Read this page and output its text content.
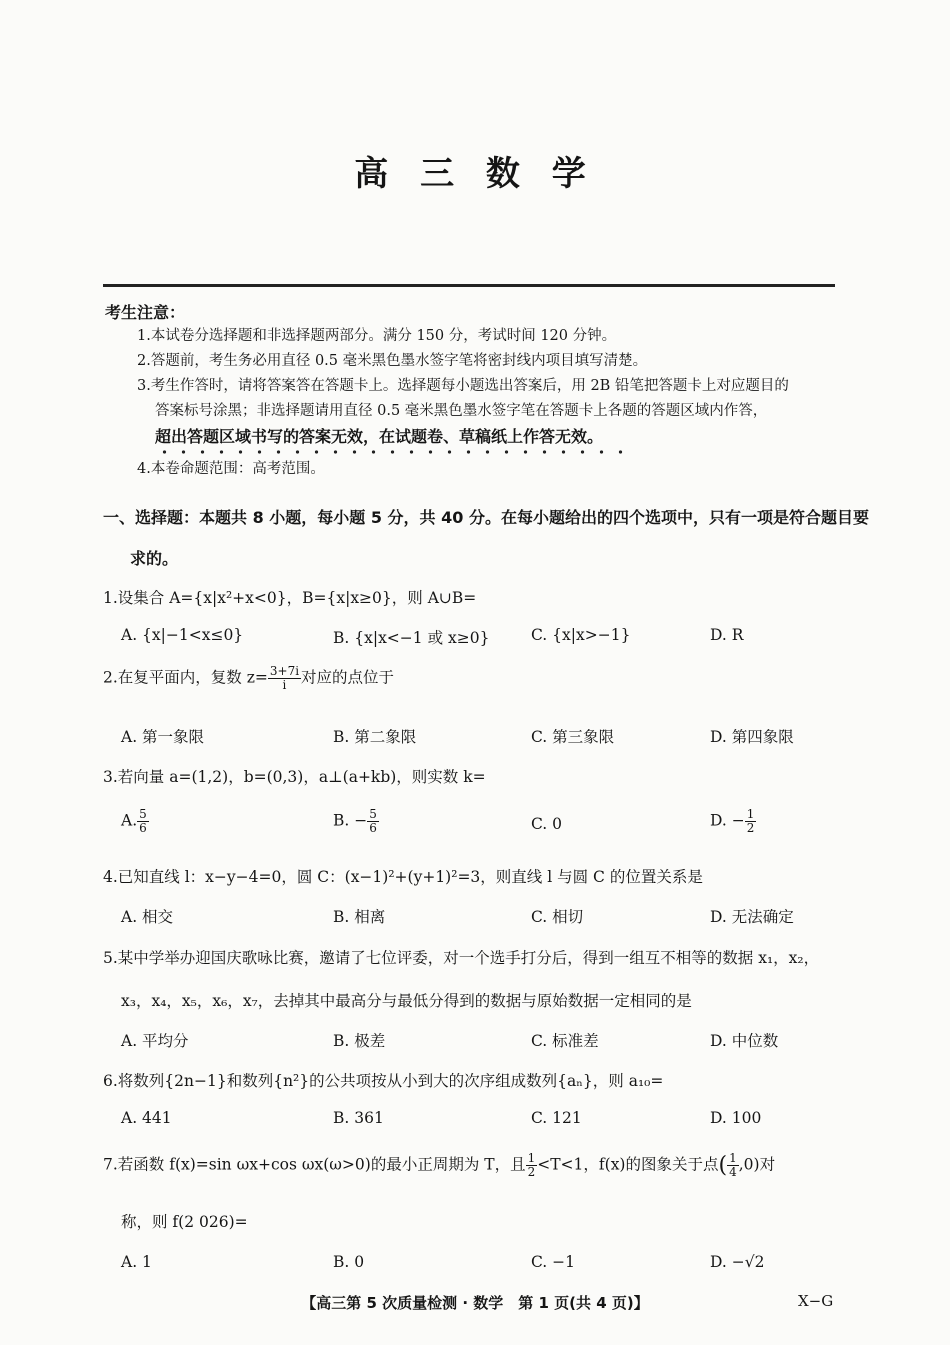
高 三 数 学
考生注意：
1.本试卷分选择题和非选择题两部分。满分 150 分，考试时间 120 分钟。
2.答题前，考生务必用直径 0.5 毫米黑色墨水签字笔将密封线内项目填写清楚。
3.考生作答时，请将答案答在答题卡上。选择题每小题选出答案后，用 2B 铅笔把答题卡上对应题目的
答案标号涂黑；非选择题请用直径 0.5 毫米黑色墨水签字笔在答题卡上各题的答题区域内作答，
超出答题区域书写的答案无效，在试题卷、草稿纸上作答无效。
4.本卷命题范围：高考范围。
一、选择题：本题共 8 小题，每小题 5 分，共 40 分。在每小题给出的四个选项中，只有一项是符合题目要
求的。
1.设集合 A={x|x²+x<0}，B={x|x≥0}，则 A∪B=
A. {x|−1<x≤0}	B. {x|x<−1 或 x≥0}	C. {x|x>−1}	D. R
2.在复平面内，复数 $z= \frac{3+7i}{i}$ 对应的点位于
A. 第一象限	B. 第二象限	C. 第三象限	D. 第四象限
3.若向量 a=(1,2)，b=(0,3)，a⊥(a+kb)，则实数 k=
A. $\frac{5}{6}$	B. − $\frac{5}{6}$	C. 0	D. − $\frac{1}{2}$
4.已知直线 l：x−y−4=0，圆 C：(x−1)²+(y+1)²=3，则直线 l 与圆 C 的位置关系是
A. 相交	B. 相离	C. 相切	D. 无法确定
5.某中学举办迎国庆歌咏比赛，邀请了七位评委，对一个选手打分后，得到一组互不相等的数据 x₁，x₂，
x₃，x₄，x₅，x₆，x₇，去掉其中最高分与最低分得到的数据与原始数据一定相同的是
A. 平均分	B. 极差	C. 标准差	D. 中位数
6.将数列{2n−1}和数列{n²}的公共项按从小到大的次序组成数列{aₙ}，则 a₁₀=
A. 441	B. 361	C. 121	D. 100
7.若函数 f(x)=sin ωx+cos ωx(ω>0)的最小正周期为 T，且 $\frac{1}{2} <T<1$，f(x)的图象关于点( $\frac{1}{4} ,0$)对
称，则 f(2 026)=
A. 1	B. 0	C. −1	D. −√2
【高三第 5 次质量检测 · 数学　第 1 页(共 4 页)】	X−G
